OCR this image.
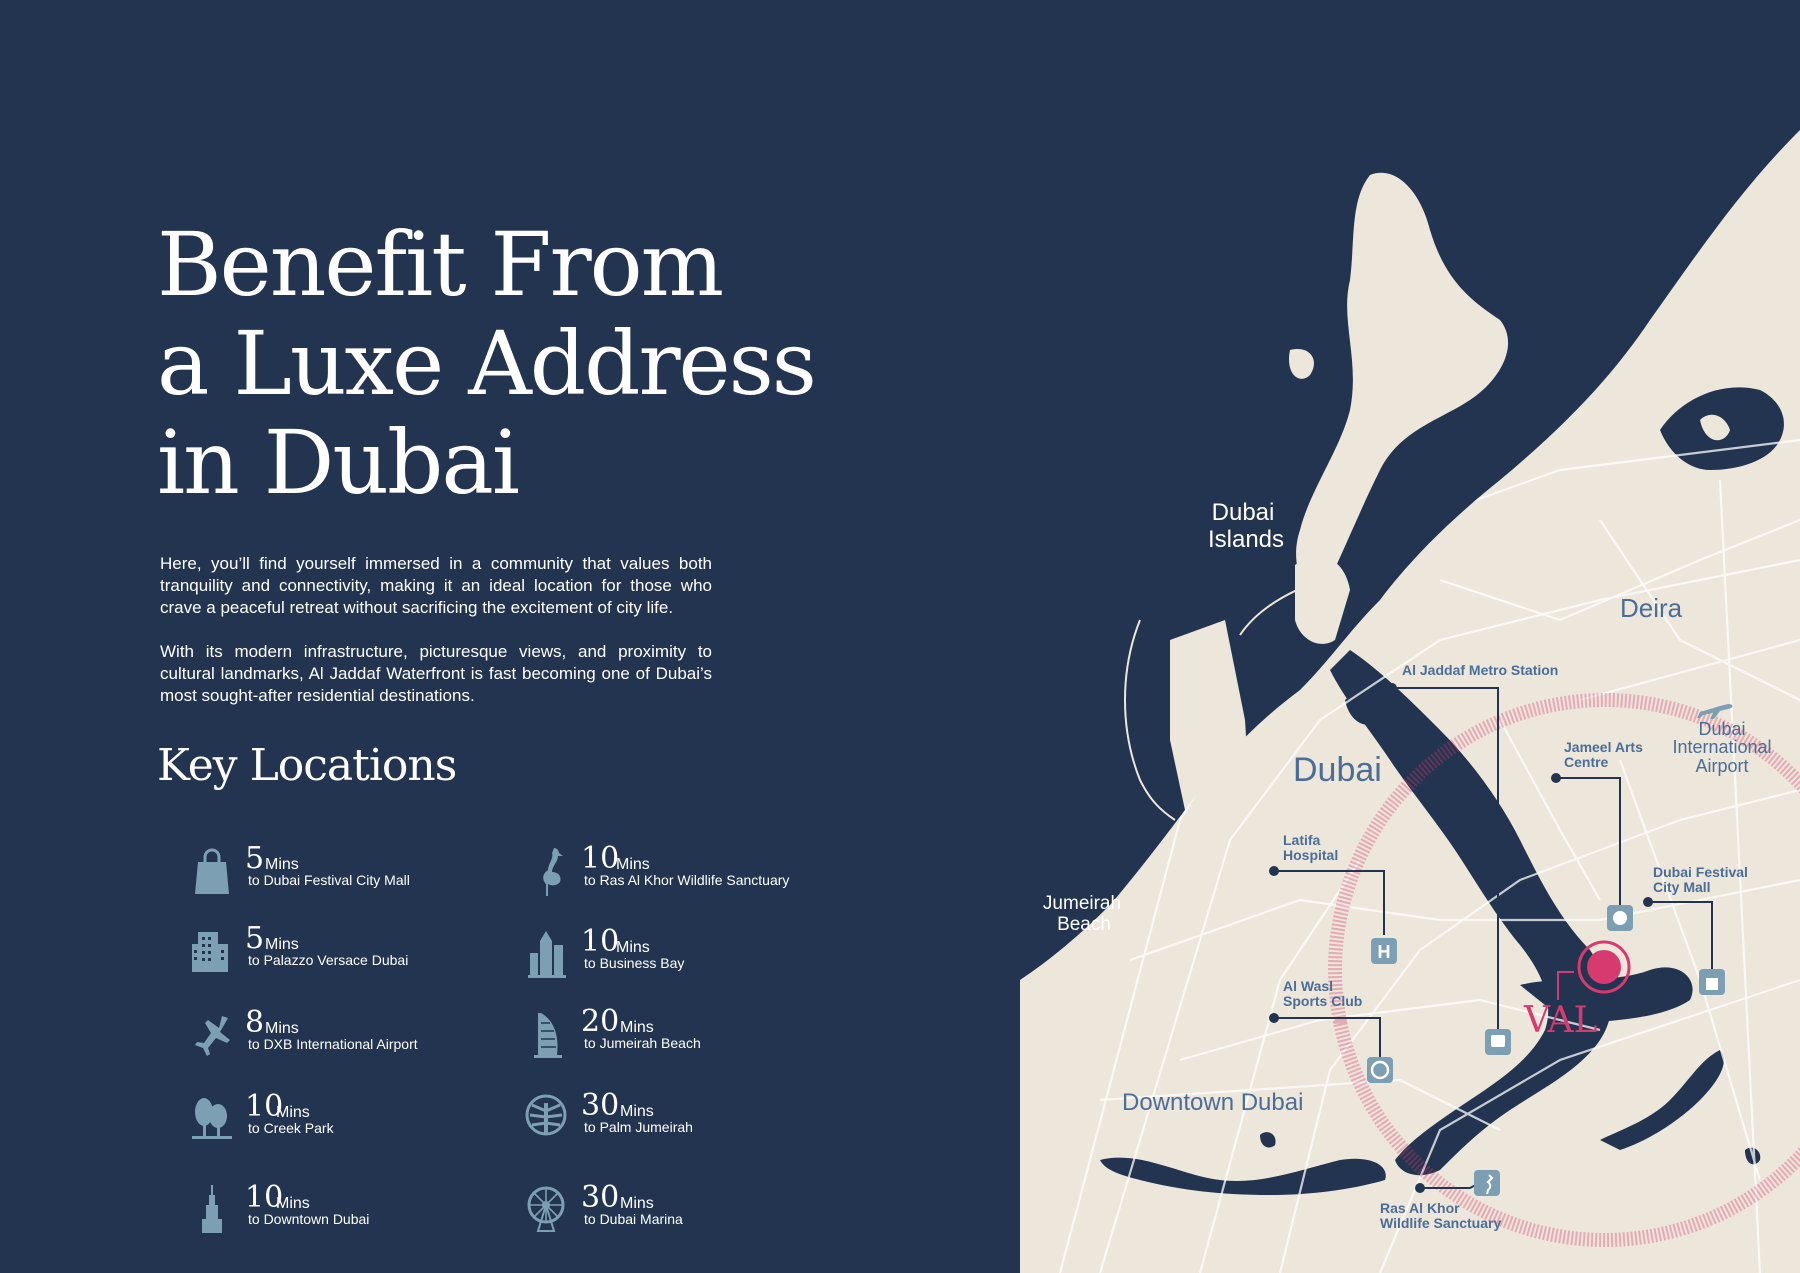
Benefit From
a Luxe Address
in Dubai

Here, you’ll find yourself immersed in a community that values both tranquility and connectivity, making it an ideal location for those who crave a peaceful retreat without sacrificing the excitement of city life.

With its modern infrastructure, picturesque views, and proximity to cultural landmarks, Al Jaddaf Waterfront is fast becoming one of Dubai’s most sought-after residential destinations.

Key Locations
5 Mins
to Dubai Festival City Mall
5 Mins
to Palazzo Versace Dubai
8 Mins
to DXB International Airport
10
Mins
to Creek Park
10
Mins
to Downtown Dubai
10
Mins
to Ras Al Khor Wildlife Sanctuary
10
Mins
to Business Bay
20 Mins
to Jumeirah Beach
30 Mins
to Palm Jumeirah
30 Mins
to Dubai Marina
H
VAL
Dubai
Islands
Deira
Dubai
Dubai
International
Airport
Jumeirah
Beach
Downtown Dubai
Al Jaddaf Metro Station
Jameel Arts
Centre
Latifa
Hospital
Dubai Festival
City Mall
Al Wasl
Sports Club
Ras Al Khor
Wildlife Sanctuary
